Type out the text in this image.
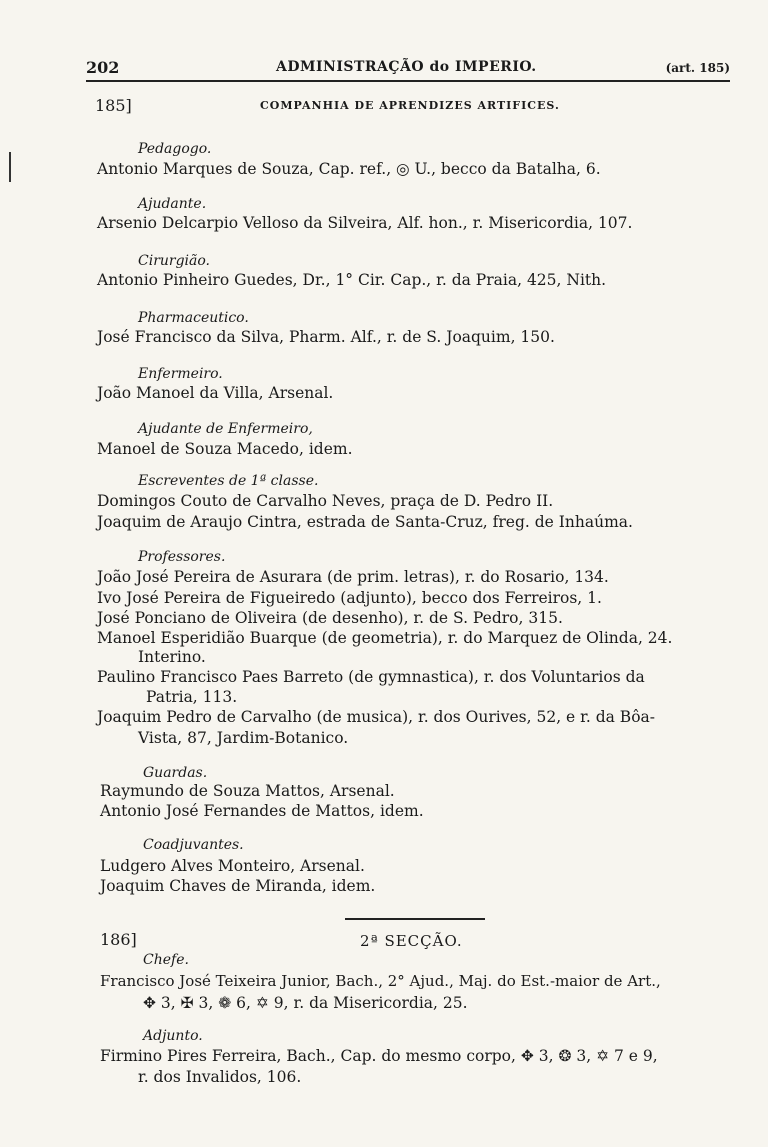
202	ADMINISTRAÇÃO do IMPERIO.	(art. 185)
185]	COMPANHIA DE APRENDIZES ARTIFICES.
Pedagogo.
Antonio Marques de Souza, Cap. ref., ◎ U., becco da Batalha, 6.
Ajudante.
Arsenio Delcarpio Velloso da Silveira, Alf. hon., r. Misericordia, 107.
Cirurgião.
Antonio Pinheiro Guedes, Dr., 1° Cir. Cap., r. da Praia, 425, Nith.
Pharmaceutico.
José Francisco da Silva, Pharm. Alf., r. de S. Joaquim, 150.
Enfermeiro.
João Manoel da Villa, Arsenal.
Ajudante de Enfermeiro,
Manoel de Souza Macedo, idem.
Escreventes de 1ª classe.
Domingos Couto de Carvalho Neves, praça de D. Pedro II.
Joaquim de Araujo Cintra, estrada de Santa-Cruz, freg. de Inhaúma.
Professores.
João José Pereira de Asurara (de prim. letras), r. do Rosario, 134.
Ivo José Pereira de Figueiredo (adjunto), becco dos Ferreiros, 1.
José Ponciano de Oliveira (de desenho), r. de S. Pedro, 315.
Manoel Esperidião Buarque (de geometria), r. do Marquez de Olinda, 24.
Interino.
Paulino Francisco Paes Barreto (de gymnastica), r. dos Voluntarios da
Patria, 113.
Joaquim Pedro de Carvalho (de musica), r. dos Ourives, 52, e r. da Bôa-
Vista, 87, Jardim-Botanico.
Guardas.
Raymundo de Souza Mattos, Arsenal.
Antonio José Fernandes de Mattos, idem.
Coadjuvantes.
Ludgero Alves Monteiro, Arsenal.
Joaquim Chaves de Miranda, idem.
186]	2ª SECÇÃO.
Chefe.
Francisco José Teixeira Junior, Bach., 2° Ajud., Maj. do Est.-maior de Art.,
✥ 3, ✠ 3, ❁ 6, ✡ 9, r. da Misericordia, 25.
Adjunto.
Firmino Pires Ferreira, Bach., Cap. do mesmo corpo, ✥ 3, ❂ 3, ✡ 7 e 9,
r. dos Invalidos, 106.
